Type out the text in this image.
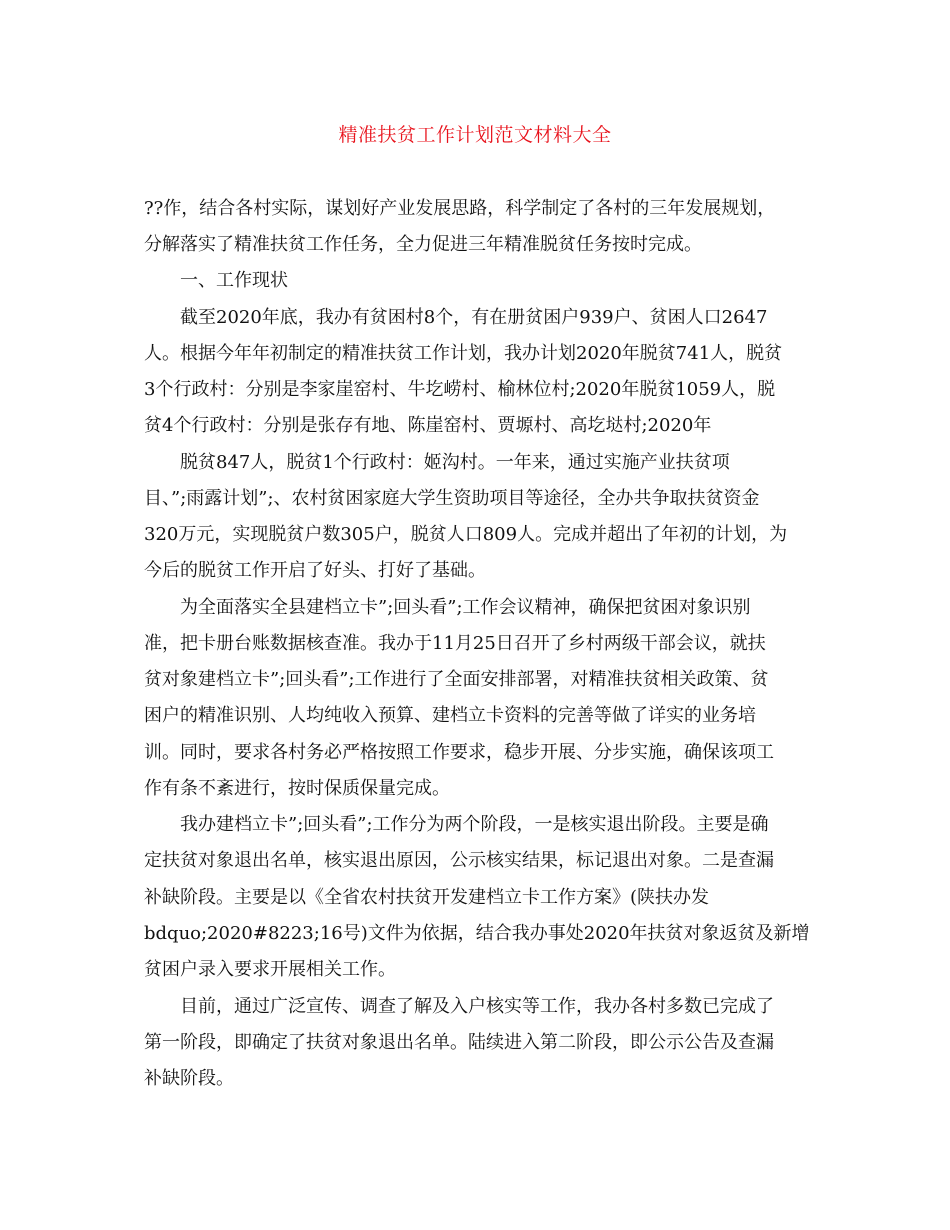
精准扶贫工作计划范文材料大全
??作，结合各村实际，谋划好产业发展思路，科学制定了各村的三年发展规划，
分解落实了精准扶贫工作任务，全力促进三年精准脱贫任务按时完成。
一、工作现状
截至2020年底，我办有贫困村8个，有在册贫困户939户、贫困人口2647
人。根据今年年初制定的精准扶贫工作计划，我办计划2020年脱贫741人，脱贫
3个行政村：分别是李家崖窑村、牛圪崂村、榆林位村;2020年脱贫1059人，脱
贫4个行政村：分别是张存有地、陈崖窑村、贾塬村、高圪垯村;2020年
脱贫847人，脱贫1个行政村：姬沟村。一年来，通过实施产业扶贫项
目、”;雨露计划”;、农村贫困家庭大学生资助项目等途径，全办共争取扶贫资金
320万元，实现脱贫户数305户，脱贫人口809人。完成并超出了年初的计划，为
今后的脱贫工作开启了好头、打好了基础。
为全面落实全县建档立卡”;回头看”;工作会议精神，确保把贫困对象识别
准，把卡册台账数据核查准。我办于11月25日召开了乡村两级干部会议，就扶
贫对象建档立卡”;回头看”;工作进行了全面安排部署，对精准扶贫相关政策、贫
困户的精准识别、人均纯收入预算、建档立卡资料的完善等做了详实的业务培
训。同时，要求各村务必严格按照工作要求，稳步开展、分步实施，确保该项工
作有条不紊进行，按时保质保量完成。
我办建档立卡”;回头看”;工作分为两个阶段，一是核实退出阶段。主要是确
定扶贫对象退出名单，核实退出原因，公示核实结果，标记退出对象。二是查漏
补缺阶段。主要是以《全省农村扶贫开发建档立卡工作方案》(陕扶办发
bdquo;2020#8223;16号)文件为依据，结合我办事处2020年扶贫对象返贫及新增
贫困户录入要求开展相关工作。
目前，通过广泛宣传、调查了解及入户核实等工作，我办各村多数已完成了
第一阶段，即确定了扶贫对象退出名单。陆续进入第二阶段，即公示公告及查漏
补缺阶段。
